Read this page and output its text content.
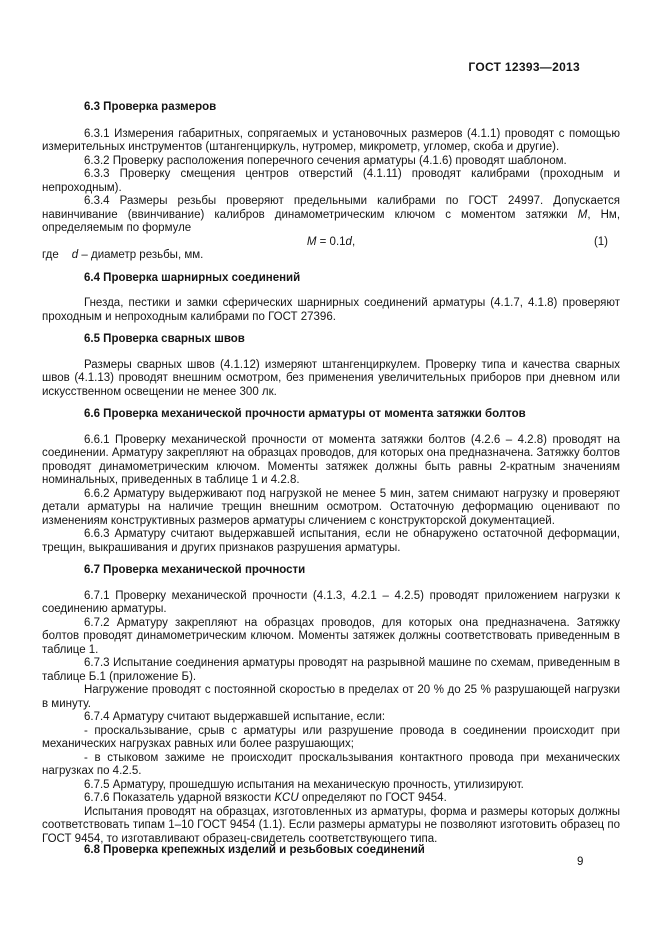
ГОСТ 12393—2013
6.3 Проверка размеров

6.3.1 Измерения габаритных, сопрягаемых и установочных размеров (4.1.1) проводят с помощью измерительных инструментов (штангенциркуль, нутромер, микрометр, угломер, скоба и другие).

6.3.2 Проверку расположения поперечного сечения арматуры (4.1.6) проводят шаблоном.

6.3.3 Проверку смещения центров отверстий (4.1.11) проводят калибрами (проходным и непроходным).

6.3.4 Размеры резьбы проверяют предельными калибрами по ГОСТ 24997. Допускается навинчивание (ввинчивание) калибров динамометрическим ключом с моментом затяжки М, Нм, определяемым по формуле

М = 0.1d,	(1)

где d – диаметр резьбы, мм.

6.4 Проверка шарнирных соединений

Гнезда, пестики и замки сферических шарнирных соединений арматуры (4.1.7, 4.1.8) проверяют проходным и непроходным калибрами по ГОСТ 27396.

6.5 Проверка сварных швов

Размеры сварных швов (4.1.12) измеряют штангенциркулем. Проверку типа и качества сварных швов (4.1.13) проводят внешним осмотром, без применения увеличительных приборов при дневном или искусственном освещении не менее 300 лк.

6.6 Проверка механической прочности арматуры от момента затяжки болтов

6.6.1 Проверку механической прочности от момента затяжки болтов (4.2.6 – 4.2.8) проводят на соединении. Арматуру закрепляют на образцах проводов, для которых она предназначена. Затяжку болтов проводят динамометрическим ключом. Моменты затяжек должны быть равны 2-кратным значениям номинальных, приведенных в таблице 1 и 4.2.8.

6.6.2 Арматуру выдерживают под нагрузкой не менее 5 мин, затем снимают нагрузку и проверяют детали арматуры на наличие трещин внешним осмотром. Остаточную деформацию оценивают по изменениям конструктивных размеров арматуры сличением с конструкторской документацией.

6.6.3 Арматуру считают выдержавшей испытания, если не обнаружено остаточной деформации, трещин, выкрашивания и других признаков разрушения арматуры.

6.7 Проверка механической прочности

6.7.1 Проверку механической прочности (4.1.3, 4.2.1 – 4.2.5) проводят приложением нагрузки к соединению арматуры.

6.7.2 Арматуру закрепляют на образцах проводов, для которых она предназначена. Затяжку болтов проводят динамометрическим ключом. Моменты затяжек должны соответствовать приведенным в таблице 1.

6.7.3 Испытание соединения арматуры проводят на разрывной машине по схемам, приведенным в таблице Б.1 (приложение Б).

Нагружение проводят с постоянной скоростью в пределах от 20 % до 25 % разрушающей нагрузки в минуту.

6.7.4 Арматуру считают выдержавшей испытание, если:

- проскальзывание, срыв с арматуры или разрушение провода в соединении происходит при механических нагрузках равных или более разрушающих;

- в стыковом зажиме не происходит проскальзывания контактного провода при механических нагрузках по 4.2.5.

6.7.5 Арматуру, прошедшую испытания на механическую прочность, утилизируют.

6.7.6 Показатель ударной вязкости KCU определяют по ГОСТ 9454.

Испытания проводят на образцах, изготовленных из арматуры, форма и размеры которых должны соответствовать типам 1–10 ГОСТ 9454 (1.1). Если размеры арматуры не позволяют изготовить образец по ГОСТ 9454, то изготавливают образец-свидетель соответствующего типа.

6.8 Проверка крепежных изделий и резьбовых соединений
9
